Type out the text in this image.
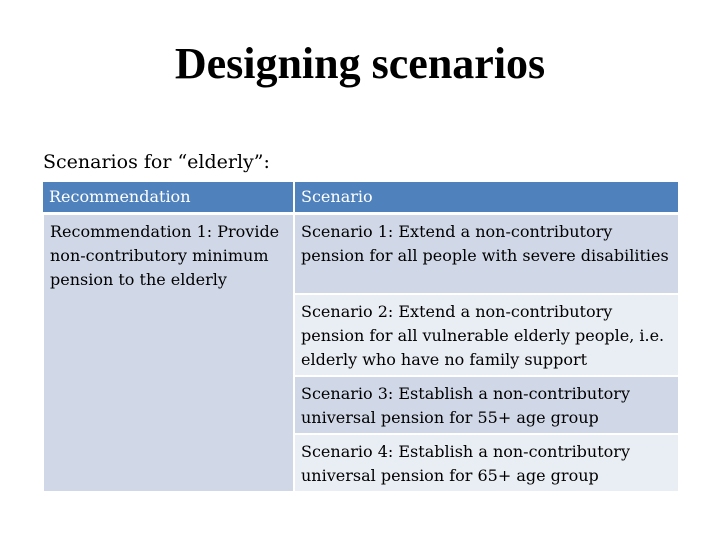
Designing scenarios

Scenarios for “elderly”:

Recommendation	Scenario
Recommendation 1: Provide non-contributory minimum pension to the elderly	Scenario 1: Extend a non-contributory pension for all people with severe disabilities
	Scenario 2: Extend a non-contributory pension for all vulnerable elderly people, i.e. elderly who have no family support
	Scenario 3: Establish a non-contributory universal pension for 55+ age group
	Scenario 4: Establish a non-contributory universal pension for 65+ age group
